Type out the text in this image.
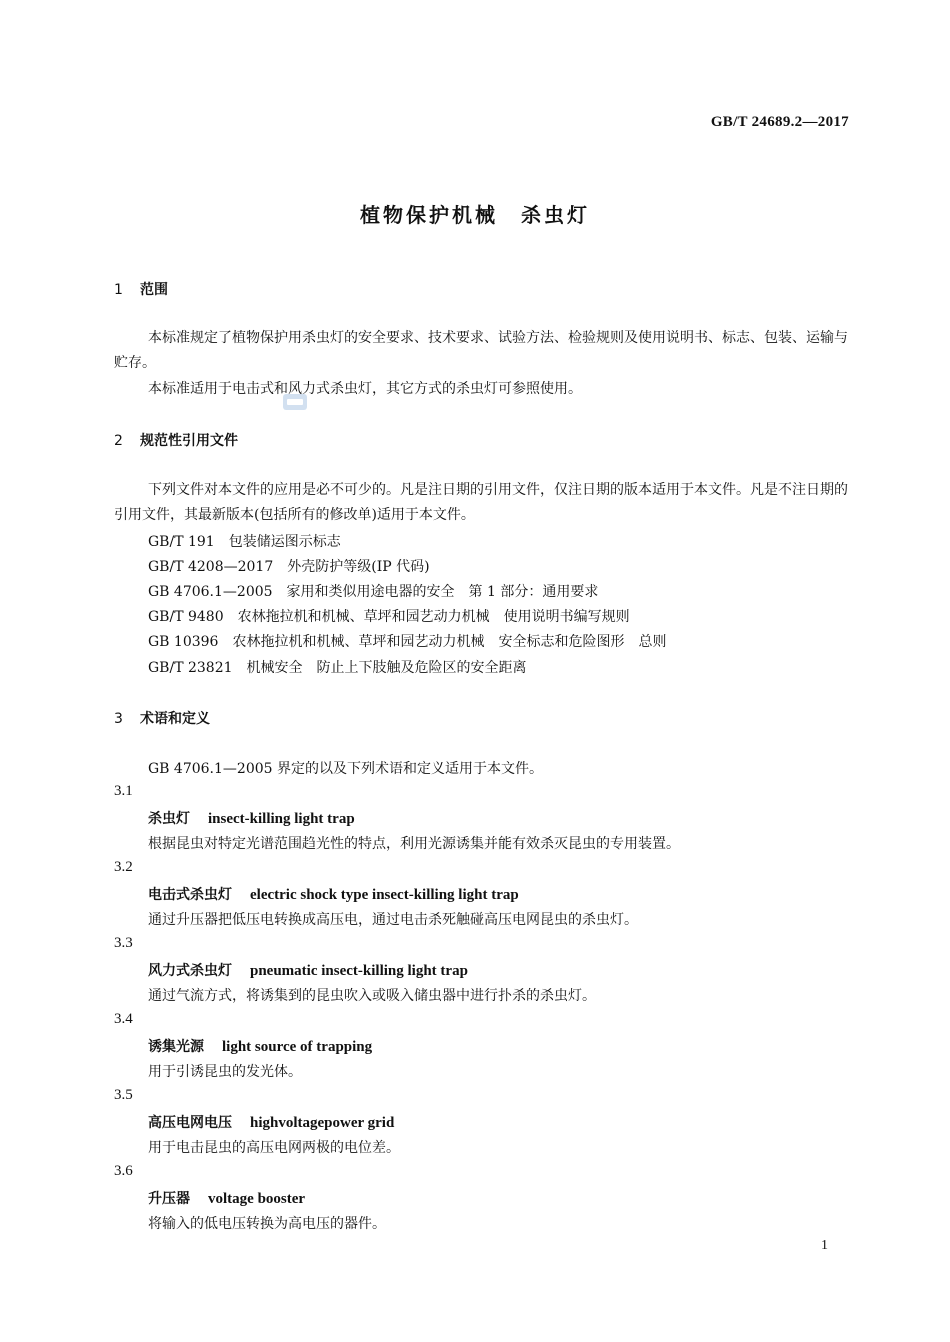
GB/T 24689.2—2017
植物保护机械　杀虫灯
1 范围
本标准规定了植物保护用杀虫灯的安全要求、技术要求、试验方法、检验规则及使用说明书、标志、包装、运输与贮存。
本标准适用于电击式和风力式杀虫灯，其它方式的杀虫灯可参照使用。
2 规范性引用文件
下列文件对本文件的应用是必不可少的。凡是注日期的引用文件，仅注日期的版本适用于本文件。凡是不注日期的引用文件，其最新版本(包括所有的修改单)适用于本文件。
GB/T 191　包装储运图示标志
GB/T 4208—2017　外壳防护等级(IP 代码)
GB 4706.1—2005　家用和类似用途电器的安全　第 1 部分：通用要求
GB/T 9480　农林拖拉机和机械、草坪和园艺动力机械　使用说明书编写规则
GB 10396　农林拖拉机和机械、草坪和园艺动力机械　安全标志和危险图形　总则
GB/T 23821　机械安全　防止上下肢触及危险区的安全距离
3 术语和定义
GB 4706.1—2005 界定的以及下列术语和定义适用于本文件。
3.1
杀虫灯 insect-killing light trap
根据昆虫对特定光谱范围趋光性的特点，利用光源诱集并能有效杀灭昆虫的专用装置。
3.2
电击式杀虫灯 electric shock type insect-killing light trap
通过升压器把低压电转换成高压电，通过电击杀死触碰高压电网昆虫的杀虫灯。
3.3
风力式杀虫灯 pneumatic insect-killing light trap
通过气流方式，将诱集到的昆虫吹入或吸入储虫器中进行扑杀的杀虫灯。
3.4
诱集光源 light source of trapping
用于引诱昆虫的发光体。
3.5
高压电网电压 highvoltagepower grid
用于电击昆虫的高压电网两极的电位差。
3.6
升压器 voltage booster
将输入的低电压转换为高电压的器件。
1
